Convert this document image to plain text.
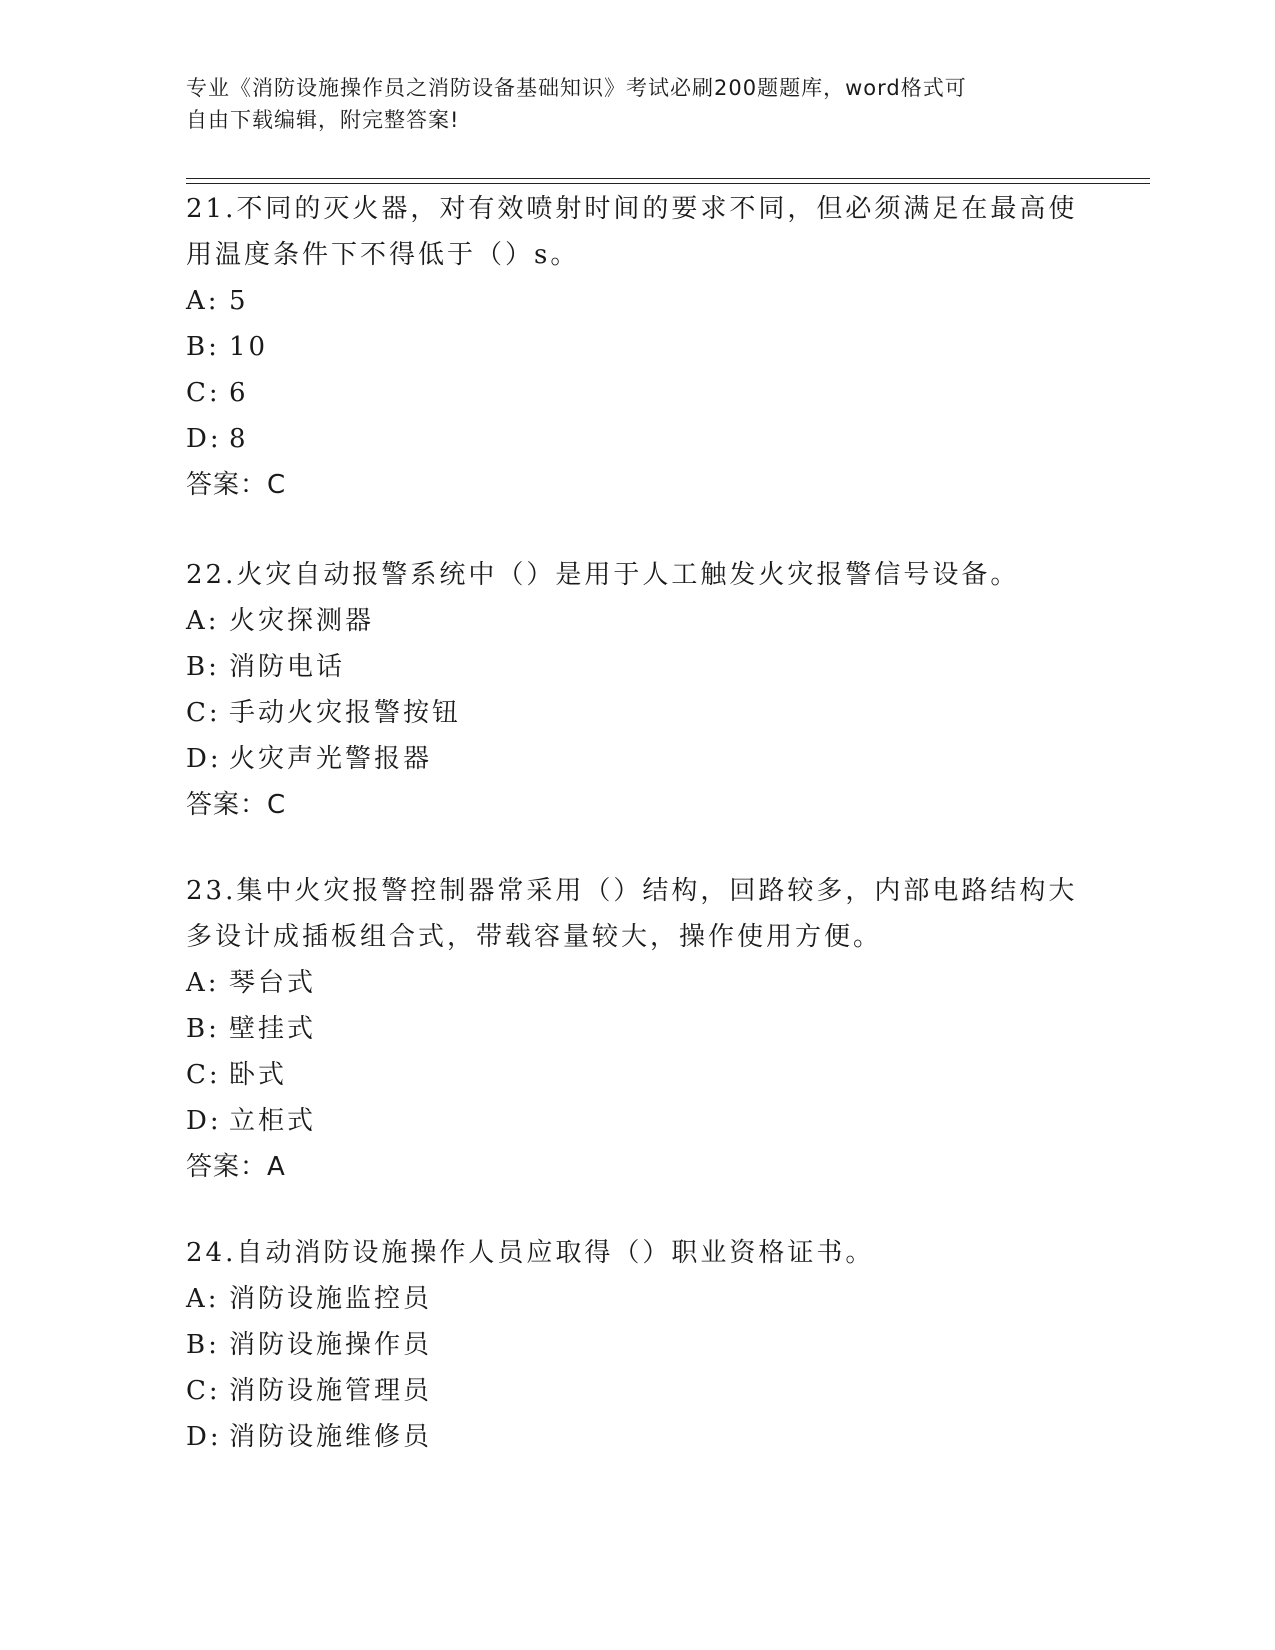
专业《消防设施操作员之消防设备基础知识》考试必刷200题题库，word格式可
自由下载编辑，附完整答案!

21.不同的灭火器，对有效喷射时间的要求不同，但必须满足在最高使

用温度条件下不得低于（）s。

A: 5
B: 10
C: 6
D: 8

答案：C

22.火灾自动报警系统中（）是用于人工触发火灾报警信号设备。

A: 火灾探测器
B: 消防电话
C: 手动火灾报警按钮
D: 火灾声光警报器

答案：C

23.集中火灾报警控制器常采用（）结构，回路较多，内部电路结构大

多设计成插板组合式，带载容量较大，操作使用方便。

A: 琴台式
B: 壁挂式
C: 卧式
D: 立柜式

答案：A

24.自动消防设施操作人员应取得（）职业资格证书。

A: 消防设施监控员
B: 消防设施操作员
C: 消防设施管理员
D: 消防设施维修员
